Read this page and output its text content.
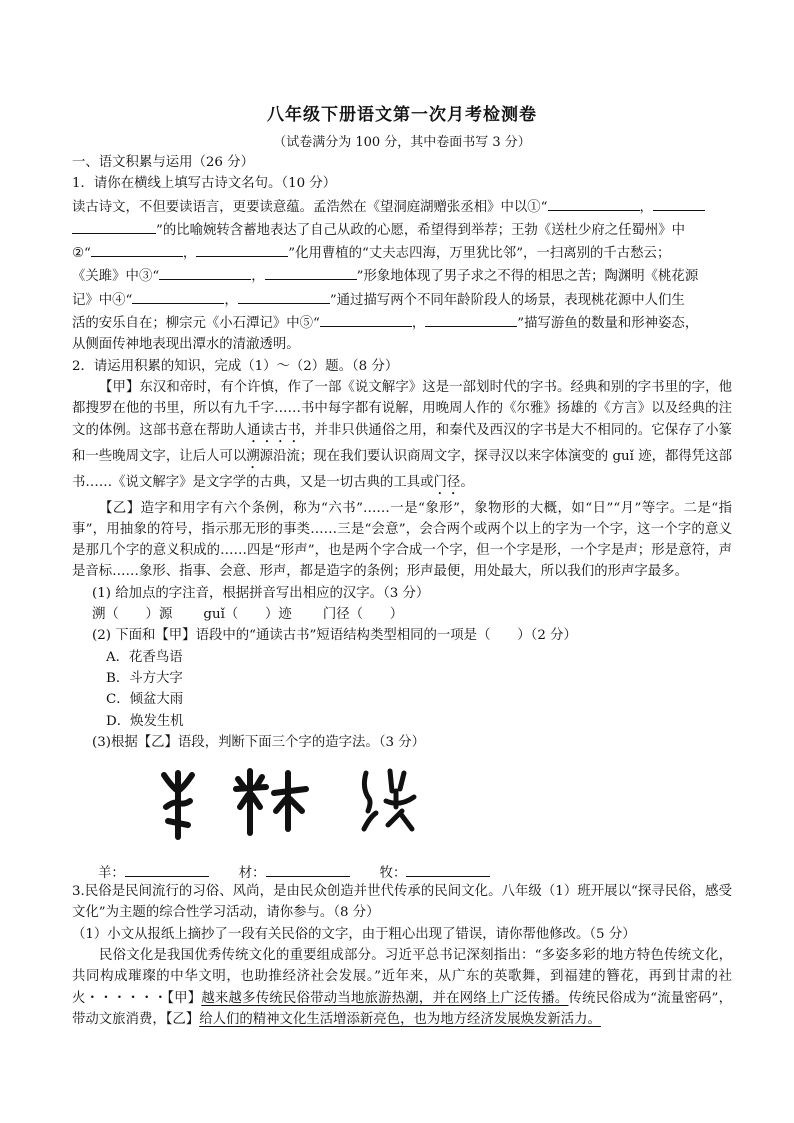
八年级下册语文第一次月考检测卷
（试卷满分为 100 分，其中卷面书写 3 分）

一、语文积累与运用（26 分）

1．请你在横线上填写古诗文名句。（10 分）

读古诗文，不但要读语言，更要读意蕴。孟浩然在《望洞庭湖赠张丞相》中以①“	，
”的比喻婉转含蓄地表达了自己从政的心愿，希望得到举荐；王勃《送杜少府之任蜀州》中
②“	，	”化用曹植的“丈夫志四海，万里犹比邻”，一扫离别的千古愁云；
《关雎》中③“	，	”形象地体现了男子求之不得的相思之苦；陶渊明《桃花源
记》中④“	，	”通过描写两个不同年龄阶段人的场景，表现桃花源中人们生
活的安乐自在；柳宗元《小石潭记》中⑤“	，	”描写游鱼的数量和形神姿态，
从侧面传神地表现出潭水的清澈透明。

2．请运用积累的知识，完成（1）～（2）题。（8 分）

【甲】东汉和帝时，有个许慎，作了一部《说文解字》这是一部划时代的字书。经典和别的字书里的字，他都搜罗在他的书里，所以有九千字……书中每字都有说解，用晚周人作的《尔雅》扬雄的《方言》以及经典的注文的体例。这部书意在帮助人通读古书，并非只供通俗之用，和秦代及西汉的字书是大不相同的。它保存了小篆和一些晚周文字，让后人可以溯源沿流；现在我们要认识商周文字，探寻汉以来字体演变的 guǐ 迹，都得凭这部书……《说文解字》是文字学的古典，又是一切古典的工具或门径。

【乙】造字和用字有六个条例，称为“六书”……一是“象形”，象物形的大概，如“日”“月”等字。二是“指事”，用抽象的符号，指示那无形的事类……三是“会意”，会合两个或两个以上的字为一个字，这一个字的意义是那几个字的意义积成的……四是“形声”，也是两个字合成一个字，但一个字是形，一个字是声；形是意符，声是音标……象形、指事、会意、形声，都是造字的条例；形声最便，用处最大，所以我们的形声字最多。

(1) 给加点的字注音，根据拼音写出相应的汉字。（3 分）

溯（　　）源　　 guǐ（　　）迹　　 门径（　　）

(2) 下面和【甲】语段中的“通读古书”短语结构类型相同的一项是（　　）（2 分）

A．花香鸟语

B．斗方大字

C．倾盆大雨

D．焕发生机

(3)根据【乙】语段，判断下面三个字的造字法。（3 分）

羊：	材：	牧：

3.民俗是民间流行的习俗、风尚，是由民众创造并世代传承的民间文化。八年级（1）班开展以“探寻民俗，感受文化”为主题的综合性学习活动，请你参与。（8 分）

（1）小文从报纸上摘抄了一段有关民俗的文字，由于粗心出现了错误，请你帮他修改。（5 分）

民俗文化是我国优秀传统文化的重要组成部分。习近平总书记深刻指出：“多姿多彩的地方特色传统文化，共同构成璀璨的中华文明，也助推经济社会发展。”近年来，从广东的英歌舞，到福建的簪花，再到甘肃的社火・・・・・・【甲】越来越多传统民俗带动当地旅游热潮，并在网络上广泛传播。传统民俗成为“流量密码”，带动文旅消费，【乙】给人们的精神文化生活增添新亮色，也为地方经济发展焕发新活力。
